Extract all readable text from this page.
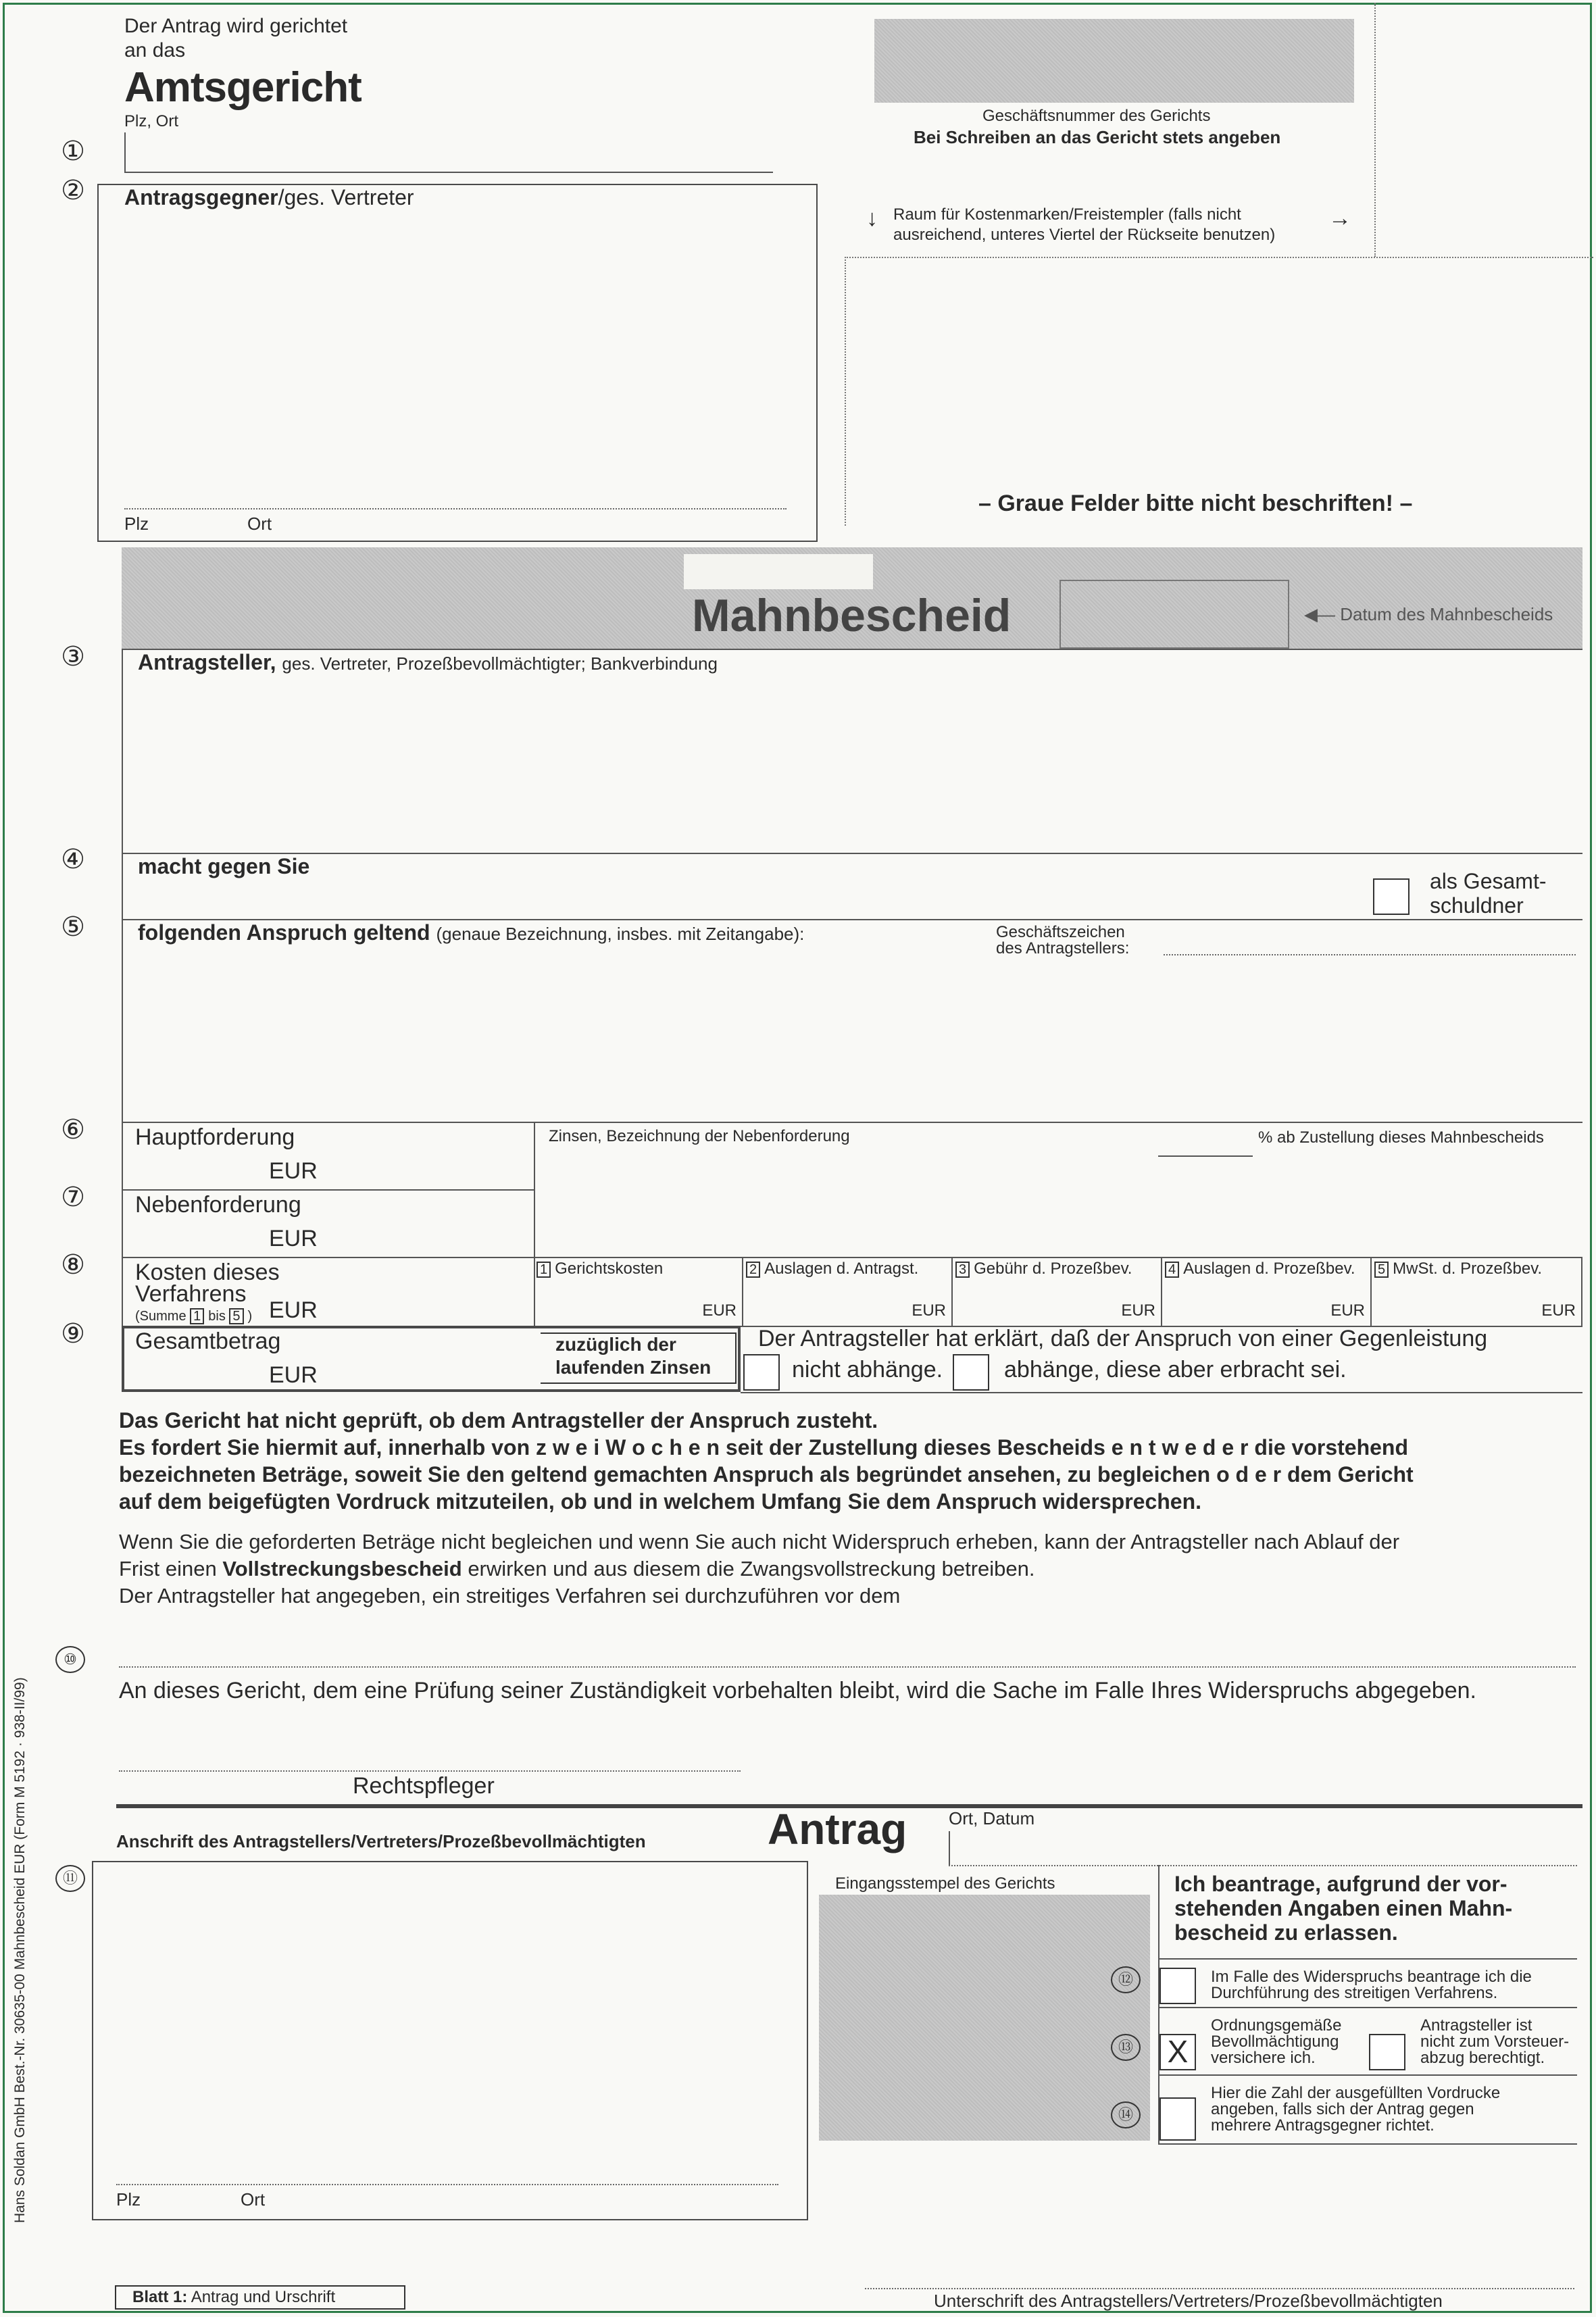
Der Antrag wird gerichtet
an das
Amtsgericht
Plz, Ort
①
Geschäftsnummer des Gerichts
Bei Schreiben an das Gericht stets angeben
Raum für Kostenmarken/Freistempler (falls nicht
ausreichend, unteres Viertel der Rückseite benutzen)
↓	→
– Graue Felder bitte nicht beschriften! –
② Antragsgegner/ges. Vertreter
Plz	Ort
Mahnbescheid	◀— Datum des Mahnbescheids
③ Antragsteller, ges. Vertreter, Prozeßbevollmächtigter; Bankverbindung
④ macht gegen Sie
als Gesamt-
schuldner
⑤ folgenden Anspruch geltend (genaue Bezeichnung, insbes. mit Zeitangabe):	Geschäftszeichen
des Antragstellers:
⑥ Hauptforderung
EUR
Zinsen, Bezeichnung der Nebenforderung	% ab Zustellung dieses Mahnbescheids
⑦ Nebenforderung
EUR
⑧ Kosten dieses
Verfahrens
(Summe 1 bis 5 ) EUR
1 Gerichtskosten
EUR
2 Auslagen d. Antragst.
EUR
3 Gebühr d. Prozeßbev.
EUR
4 Auslagen d. Prozeßbev.
EUR
5 MwSt. d. Prozeßbev.
EUR
⑨ Gesamtbetrag
EUR
zuzüglich der
laufenden Zinsen
Der Antragsteller hat erklärt, daß der Anspruch von einer Gegenleistung
nicht abhänge.	abhänge, diese aber erbracht sei.
Das Gericht hat nicht geprüft, ob dem Antragsteller der Anspruch zusteht.
Es fordert Sie hiermit auf, innerhalb von z w e i W o c h e n seit der Zustellung dieses Bescheids e n t w e d e r die vorstehend
bezeichneten Beträge, soweit Sie den geltend gemachten Anspruch als begründet ansehen, zu begleichen o d e r dem Gericht
auf dem beigefügten Vordruck mitzuteilen, ob und in welchem Umfang Sie dem Anspruch widersprechen.
Wenn Sie die geforderten Beträge nicht begleichen und wenn Sie auch nicht Widerspruch erheben, kann der Antragsteller nach Ablauf der
Frist einen Vollstreckungsbescheid erwirken und aus diesem die Zwangsvollstreckung betreiben.
Der Antragsteller hat angegeben, ein streitiges Verfahren sei durchzuführen vor dem
⑩
An dieses Gericht, dem eine Prüfung seiner Zuständigkeit vorbehalten bleibt, wird die Sache im Falle Ihres Widerspruchs abgegeben.
Rechtspfleger
Anschrift des Antragstellers/Vertreters/Prozeßbevollmächtigten	Antrag Ort, Datum
⑪
Plz	Ort
Eingangsstempel des Gerichts	Ich beantrage, aufgrund der vor-
stehenden Angaben einen Mahn-
bescheid zu erlassen.
⑫	Im Falle des Widerspruchs beantrage ich die
Durchführung des streitigen Verfahrens.
⑬ X
Ordnungsgemäße
Bevollmächtigung
versichere ich.
Antragsteller ist
nicht zum Vorsteuer-
abzug berechtigt.
⑭
Hier die Zahl der ausgefüllten Vordrucke
angeben, falls sich der Antrag gegen
mehrere Antragsgegner richtet.
Unterschrift des Antragstellers/Vertreters/Prozeßbevollmächtigten
Blatt 1: Antrag und Urschrift
Hans Soldan GmbH Best.-Nr. 30635-00 Mahnbescheid EUR (Form M 5192 · 938-II/99)
